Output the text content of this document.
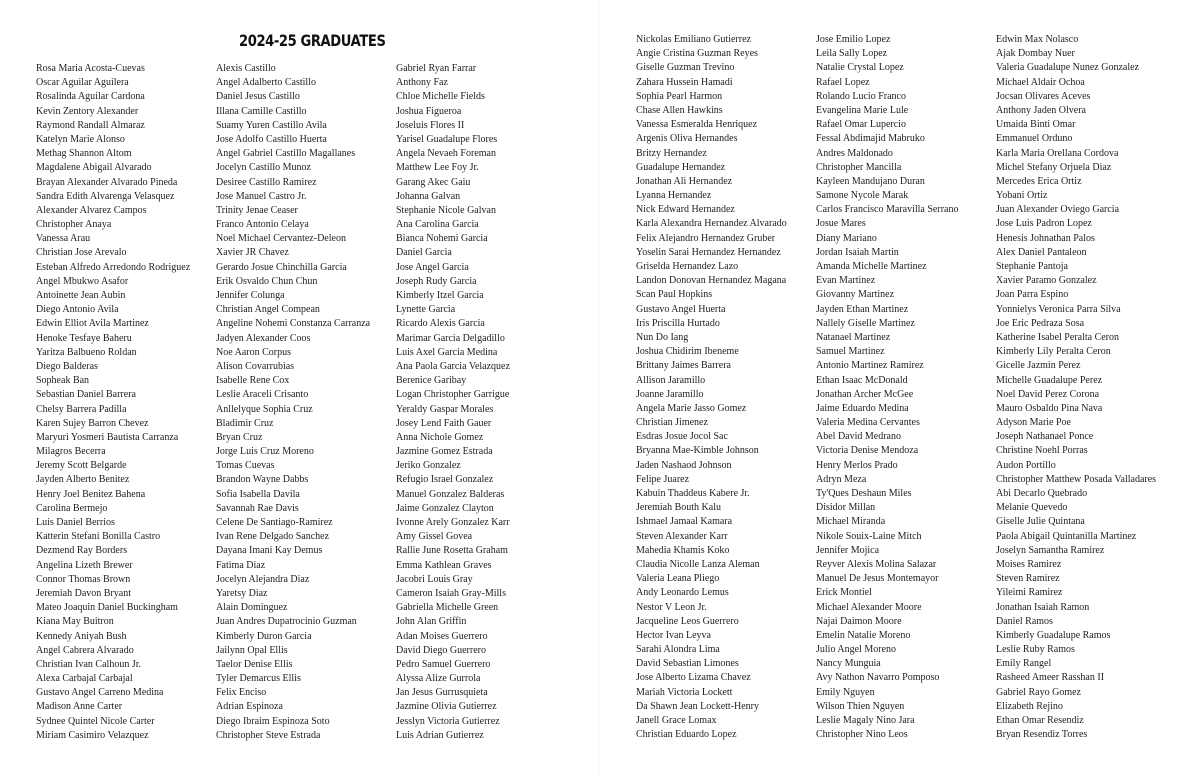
2024-25 GRADUATES
Rosa Maria Acosta-Cuevas
Oscar Aguilar Aguilera
Rosalinda Aguilar Cardona
Kevin Zentory Alexander
Raymond Randall Almaraz
Katelyn Marie Alonso
Methag Shannon Altom
Magdalene Abigail Alvarado
Brayan Alexander Alvarado Pineda
Sandra Edith Alvarenga Velasquez
Alexander Alvarez Campos
Christopher Anaya
Vanessa Arau
Christian Jose Arevalo
Esteban Alfredo Arredondo Rodriguez
Angel Mbukwo Asafor
Antoinette Jean Aubin
Diego Antonio Avila
Edwin Elliot Avila Martinez
Henoke Tesfaye Baheru
Yaritza Balbueno Roldan
Diego Balderas
Sopheak Ban
Sebastian Daniel Barrera
Chelsy Barrera Padilla
Karen Sujey Barron Chevez
Maryuri Yosmeri Bautista Carranza
Milagros Becerra
Jeremy Scott Belgarde
Jayden Alberto Benitez
Henry Joel Benitez Bahena
Carolina Bermejo
Luis Daniel Berrios
Katterin Stefani Bonilla Castro
Dezmend Ray Borders
Angelina Lizeth Brewer
Connor Thomas Brown
Jeremiah Davon Bryant
Mateo Joaquin Daniel Buckingham
Kiana May Buitron
Kennedy Aniyah Bush
Angel Cabrera Alvarado
Christian Ivan Calhoun Jr.
Alexa Carbajal Carbajal
Gustavo Angel Carreno Medina
Madison Anne Carter
Sydnee Quintel Nicole Carter
Miriam Casimiro Velazquez
Alexis Castillo
Angel Adalberto Castillo
Daniel Jesus Castillo
Illana Camille Castillo
Suamy Yuren Castillo Avila
Jose Adolfo Castillo Huerta
Angel Gabriel Castillo Magallanes
Jocelyn Castillo Munoz
Desiree Castillo Ramirez
Jose Manuel Castro Jr.
Trinity Jenae Ceaser
Franco Antonio Celaya
Noel Michael Cervantez-Deleon
Xavier JR Chavez
Gerardo Josue Chinchilla Garcia
Erik Osvaldo Chun Chun
Jennifer Colunga
Christian Angel Compean
Angeline Nohemi Constanza Carranza
Jadyen Alexander Coos
Noe Aaron Corpus
Alison Covarrubias
Isabelle Rene Cox
Leslie Araceli Crisanto
Anllelyque Sophia Cruz
Bladimir Cruz
Bryan Cruz
Jorge Luis Cruz Moreno
Tomas Cuevas
Brandon Wayne Dabbs
Sofia Isabella Davila
Savannah Rae Davis
Celene De Santiago-Ramirez
Ivan Rene Delgado Sanchez
Dayana Imani Kay Demus
Fatima Diaz
Jocelyn Alejandra Diaz
Yaretsy Diaz
Alain Dominguez
Juan Andres Dupatrocinio Guzman
Kimberly Duron Garcia
Jailynn Opal Ellis
Taelor Denise Ellis
Tyler Demarcus Ellis
Felix Enciso
Adrian Espinoza
Diego Ibraim Espinoza Soto
Christopher Steve Estrada
Gabriel Ryan Farrar
Anthony Faz
Chloe Michelle Fields
Joshua Figueroa
Joseluis Flores II
Yarisel Guadalupe Flores
Angela Nevaeh Foreman
Matthew Lee Foy Jr.
Garang Akec Gaiu
Johanna Galvan
Stephanie Nicole Galvan
Ana Carolina Garcia
Bianca Nohemi Garcia
Daniel Garcia
Jose Angel Garcia
Joseph Rudy Garcia
Kimberly Itzel Garcia
Lynette Garcia
Ricardo Alexis Garcia
Marimar Garcia Delgadillo
Luis Axel Garcia Medina
Ana Paola Garcia Velazquez
Berenice Garibay
Logan Christopher Garrigue
Yeraldy Gaspar Morales
Josey Lend Faith Gauer
Anna Nichole Gomez
Jazmine Gomez Estrada
Jeriko Gonzalez
Refugio Israel Gonzalez
Manuel Gonzalez Balderas
Jaime Gonzalez Clayton
Ivonne Arely Gonzalez Karr
Amy Gissel Govea
Rallie June Rosetta Graham
Emma Kathlean Graves
Jacobri Louis Gray
Cameron Isaiah Gray-Mills
Gabriella Michelle Green
John Alan Griffin
Adan Moises Guerrero
David Diego Guerrero
Pedro Samuel Guerrero
Alyssa Alize Gurrola
Jan Jesus Gurrusquieta
Jazmine Olivia Gutierrez
Jesslyn Victoria Gutierrez
Luis Adrian Gutierrez
Nickolas Emiliano Gutierrez
Angie Cristina Guzman Reyes
Giselle Guzman Trevino
Zahara Hussein Hamadi
Sophia Pearl Harmon
Chase Allen Hawkins
Vanessa Esmeralda Henriquez
Argenis Oliva Hernandes
Britzy Hernandez
Guadalupe Hernandez
Jonathan Ali Hernandez
Lyanna Hernandez
Nick Edward Hernandez
Karla Alexandra Hernandez Alvarado
Felix Alejandro Hernandez Gruber
Yoselin Sarai Hernandez Hernandez
Griselda Hernandez Lazo
Landon Donovan Hernandez Magana
Scan Paul Hopkins
Gustavo Angel Huerta
Iris Priscilla Hurtado
Nun Do Iang
Joshua Chidirim Ibeneme
Brittany Jaimes Barrera
Allison Jaramillo
Joanne Jaramillo
Angela Marie Jasso Gomez
Christian Jimenez
Esdras Josue Jocol Sac
Bryanna Mae-Kimble Johnson
Jaden Nashaod Johnson
Felipe Juarez
Kabuin Thaddeus Kabere Jr.
Jeremiah Bouth Kalu
Ishmael Jamaal Kamara
Steven Alexander Karr
Mahedia Khamis Koko
Claudia Nicolle Lanza Aleman
Valeria Leana Pliego
Andy Leonardo Lemus
Nestor V Leon Jr.
Jacqueline Leos Guerrero
Hector Ivan Leyva
Sarahi Alondra Lima
David Sebastian Limones
Jose Alberto Lizama Chavez
Mariah Victoria Lockett
Da Shawn Jean Lockett-Henry
Janell Grace Lomax
Christian Eduardo Lopez
Jose Emilio Lopez
Leila Sally Lopez
Natalie Crystal Lopez
Rafael Lopez
Rolando Lucio Franco
Evangelina Marie Lule
Rafael Omar Lupercio
Fessal Abdimajid Mabruko
Andres Maldonado
Christopher Mancilla
Kayleen Mandujano Duran
Samone Nycole Marak
Carlos Francisco Maravilla Serrano
Josue Mares
Diany Mariano
Jordan Isaiah Martin
Amanda Michelle Martinez
Evan Martinez
Giovanny Martinez
Jayden Ethan Martinez
Nallely Giselle Martinez
Natanael Martinez
Samuel Martinez
Antonio Martinez Ramirez
Ethan Isaac McDonald
Jonathan Archer McGee
Jaime Eduardo Medina
Valeria Medina Cervantes
Abel David Medrano
Victoria Denise Mendoza
Henry Merlos Prado
Adryn Meza
Ty'Ques Deshaun Miles
Disidor Millan
Michael Miranda
Nikole Souix-Laine Mitch
Jennifer Mojica
Reyver Alexis Molina Salazar
Manuel De Jesus Montemayor
Erick Montiel
Michael Alexander Moore
Najai Daimon Moore
Emelin Natalie Moreno
Julio Angel Moreno
Nancy Munguia
Avy Nathon Navarro Pomposo
Emily Nguyen
Wilson Thien Nguyen
Leslie Magaly Nino Jara
Christopher Nino Leos
Edwin Max Nolasco
Ajak Dombay Nuer
Valeria Guadalupe Nunez Gonzalez
Michael Aldair Ochoa
Jocsan Olivares Aceves
Anthony Jaden Olvera
Umaida Binti Omar
Emmanuel Orduno
Karla Maria Orellana Cordova
Michel Stefany Orjuela Diaz
Mercedes Erica Ortiz
Yobani Ortiz
Juan Alexander Oviego Garcia
Jose Luis Padron Lopez
Henesis Johnathan Palos
Alex Daniel Pantaleon
Stephanie Pantoja
Xavier Paramo Gonzalez
Joan Parra Espino
Yonnielys Veronica Parra Silva
Joe Eric Pedraza Sosa
Katherine Isabel Peralta Ceron
Kimberly Lily Peralta Ceron
Gicelle Jazmin Perez
Michelle Guadalupe Perez
Noel David Perez Corona
Mauro Osbaldo Pina Nava
Adyson Marie Poe
Joseph Nathanael Ponce
Christine Noehl Porras
Audon Portillo
Christopher Matthew Posada Valladares
Abi Decarlo Quebrado
Melanie Quevedo
Giselle Julie Quintana
Paola Abigail Quintanilla Martinez
Joselyn Samantha Ramirez
Moises Ramirez
Steven Ramirez
Yileimi Ramirez
Jonathan Isaiah Ramon
Daniel Ramos
Kimberly Guadalupe Ramos
Leslie Ruby Ramos
Emily Rangel
Rasheed Ameer Rasshan II
Gabriel Rayo Gomez
Elizabeth Rejino
Ethan Omar Resendiz
Bryan Resendiz Torres
